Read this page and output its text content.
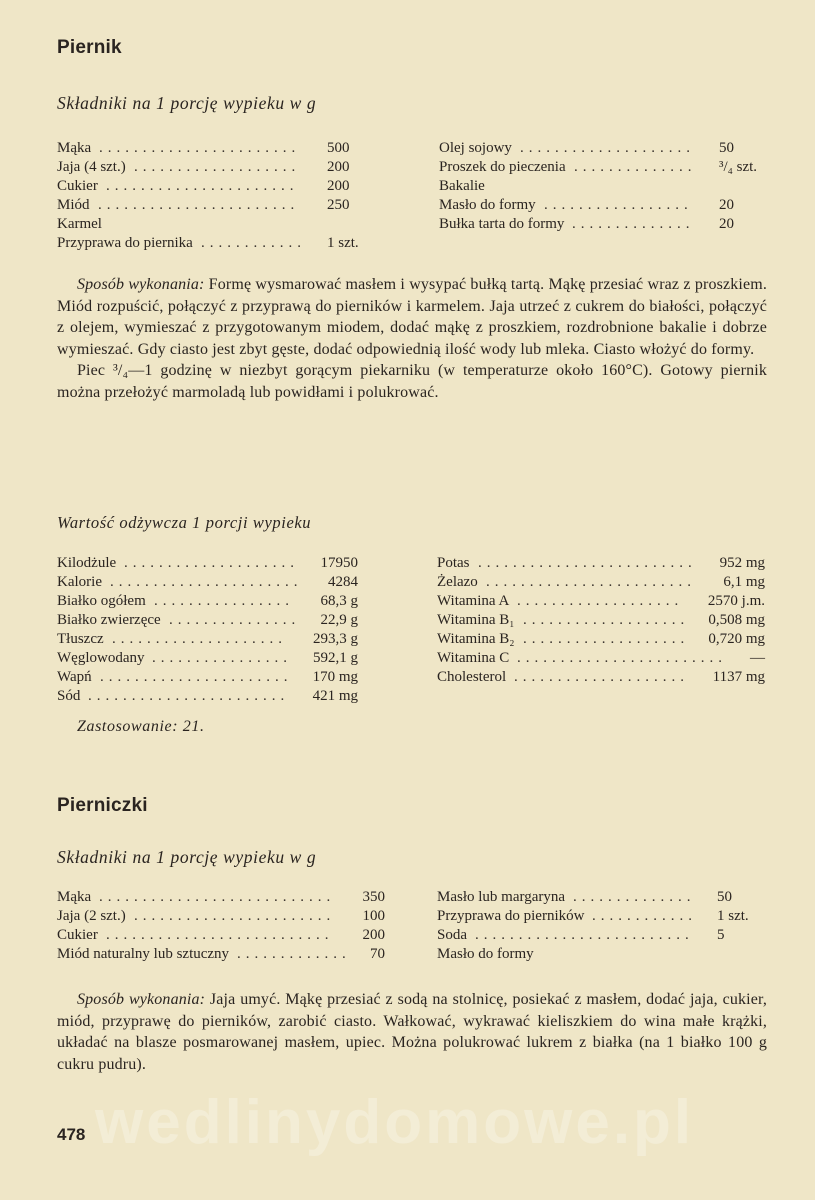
Piernik
Składniki na 1 porcję wypieku w g
Mąka	500
.......................
Jaja (4 szt.)	200
...................
Cukier	200
......................
Miód	250
.......................
Karmel
Przyprawa do piernika	1 szt.
............
Olej sojowy	50
....................
Proszek do pieczenia	³/₄ szt.
..............
Bakalie
Masło do formy	20
.................
Bułka tarta do formy	20
..............

Sposób wykonania: Formę wysmarować masłem i wysypać bułką tartą. Mąkę przesiać wraz z proszkiem. Miód rozpuścić, połączyć z przyprawą do pierników i karmelem. Jaja utrzeć z cukrem do białości, połączyć z olejem, wymieszać z przygotowanym miodem, dodać mąkę z proszkiem, rozdrobnione bakalie i dobrze wymieszać. Gdy ciasto jest zbyt gęste, dodać odpowiednią ilość wody lub mleka. Ciasto włożyć do formy.

Piec ³/₄—1 godzinę w niezbyt gorącym piekarniku (w temperaturze około 160°C). Gotowy piernik można przełożyć marmoladą lub powidłami i polukrować.

Wartość odżywcza 1 porcji wypieku
Kilodżule	17950
....................
Kalorie	4284
......................
Białko ogółem	68,3 g
................
Białko zwierzęce	22,9 g
...............
Tłuszcz	293,3 g
....................
Węglowodany	592,1 g
................
Wapń	170 mg
......................
Sód	421 mg
.......................
Potas	952 mg
.........................
Żelazo	6,1 mg
........................
Witamina A	2570 j.m.
...................
Witamina B₁	0,508 mg
...................
Witamina B₂	0,720 mg
...................
Witamina C	—
........................
Cholesterol	1137 mg
....................
Zastosowanie: 21.
Pierniczki
Składniki na 1 porcję wypieku w g
Mąka	350
...........................
Jaja (2 szt.)	100
.......................
Cukier	200
..........................
Miód naturalny lub sztuczny	70
.............
Masło lub margaryna	50
..............
Przyprawa do pierników	1 szt.
............
Soda	5
.........................
Masło do formy

Sposób wykonania: Jaja umyć. Mąkę przesiać z sodą na stolnicę, posiekać z masłem, dodać jaja, cukier, miód, przyprawę do pierników, zarobić ciasto. Wałkować, wykrawać kieliszkiem do wina małe krążki, układać na blasze posmarowanej masłem, upiec. Można polukrować lukrem z białka (na 1 białko 100 g cukru pudru).

wedlinydomowe.pl
478
